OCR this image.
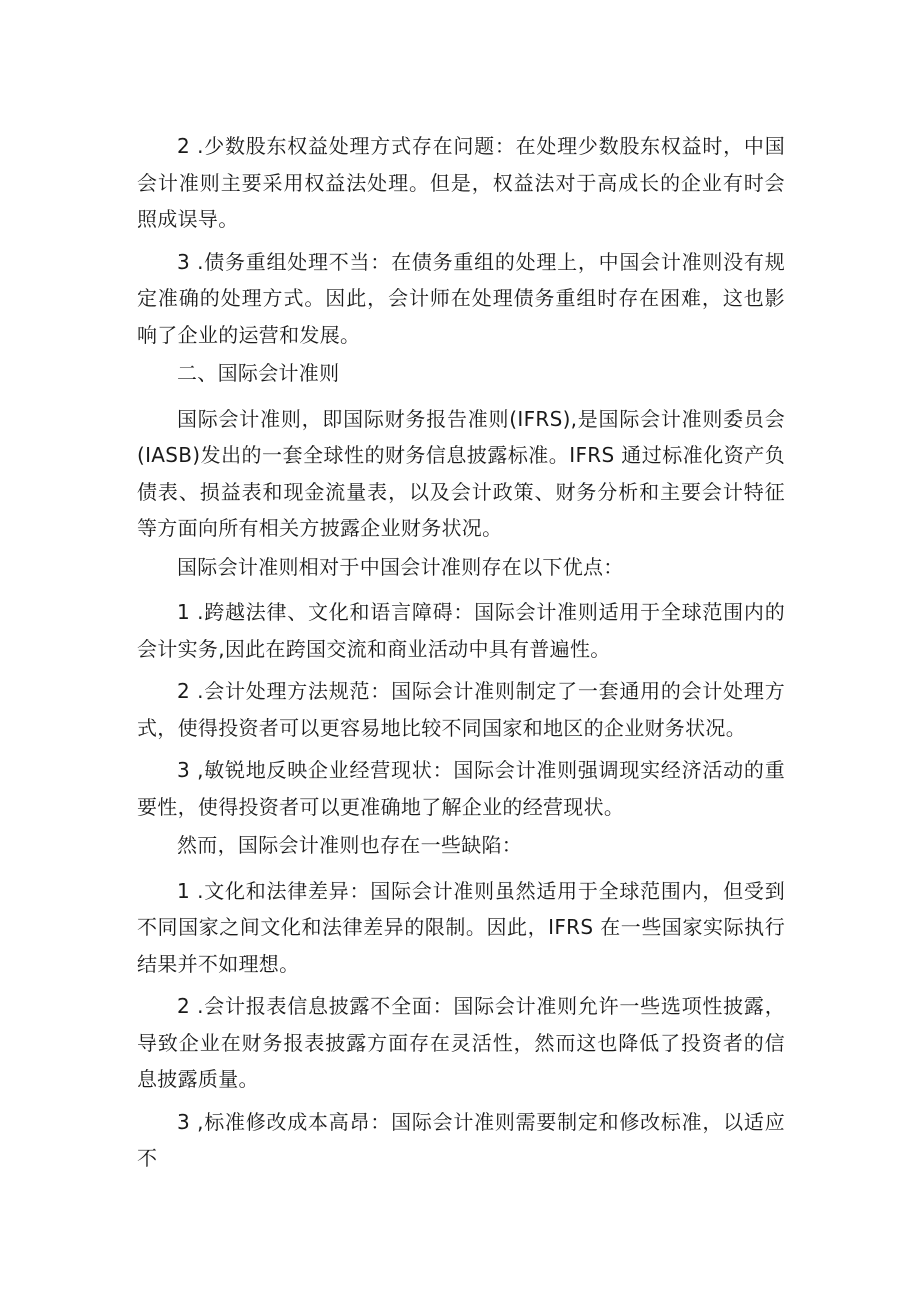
2 .少数股东权益处理方式存在问题：在处理少数股东权益时，中国会计准则主要采用权益法处理。但是，权益法对于高成长的企业有时会照成误导。

3 .债务重组处理不当：在债务重组的处理上，中国会计准则没有规定准确的处理方式。因此，会计师在处理债务重组时存在困难，这也影响了企业的运营和发展。

二、国际会计准则

国际会计准则，即国际财务报告准则(IFRS),是国际会计准则委员会(IASB)发出的一套全球性的财务信息披露标准。IFRS 通过标准化资产负债表、损益表和现金流量表，以及会计政策、财务分析和主要会计特征等方面向所有相关方披露企业财务状况。

国际会计准则相对于中国会计准则存在以下优点：

1 .跨越法律、文化和语言障碍：国际会计准则适用于全球范围内的会计实务,因此在跨国交流和商业活动中具有普遍性。

2 .会计处理方法规范：国际会计准则制定了一套通用的会计处理方式，使得投资者可以更容易地比较不同国家和地区的企业财务状况。

3 ,敏锐地反映企业经营现状：国际会计准则强调现实经济活动的重要性，使得投资者可以更准确地了解企业的经营现状。

然而，国际会计准则也存在一些缺陷：

1 .文化和法律差异：国际会计准则虽然适用于全球范围内，但受到不同国家之间文化和法律差异的限制。因此，IFRS 在一些国家实际执行结果并不如理想。

2 .会计报表信息披露不全面：国际会计准则允许一些选项性披露，导致企业在财务报表披露方面存在灵活性，然而这也降低了投资者的信息披露质量。

3 ,标准修改成本高昂：国际会计准则需要制定和修改标准，以适应不
